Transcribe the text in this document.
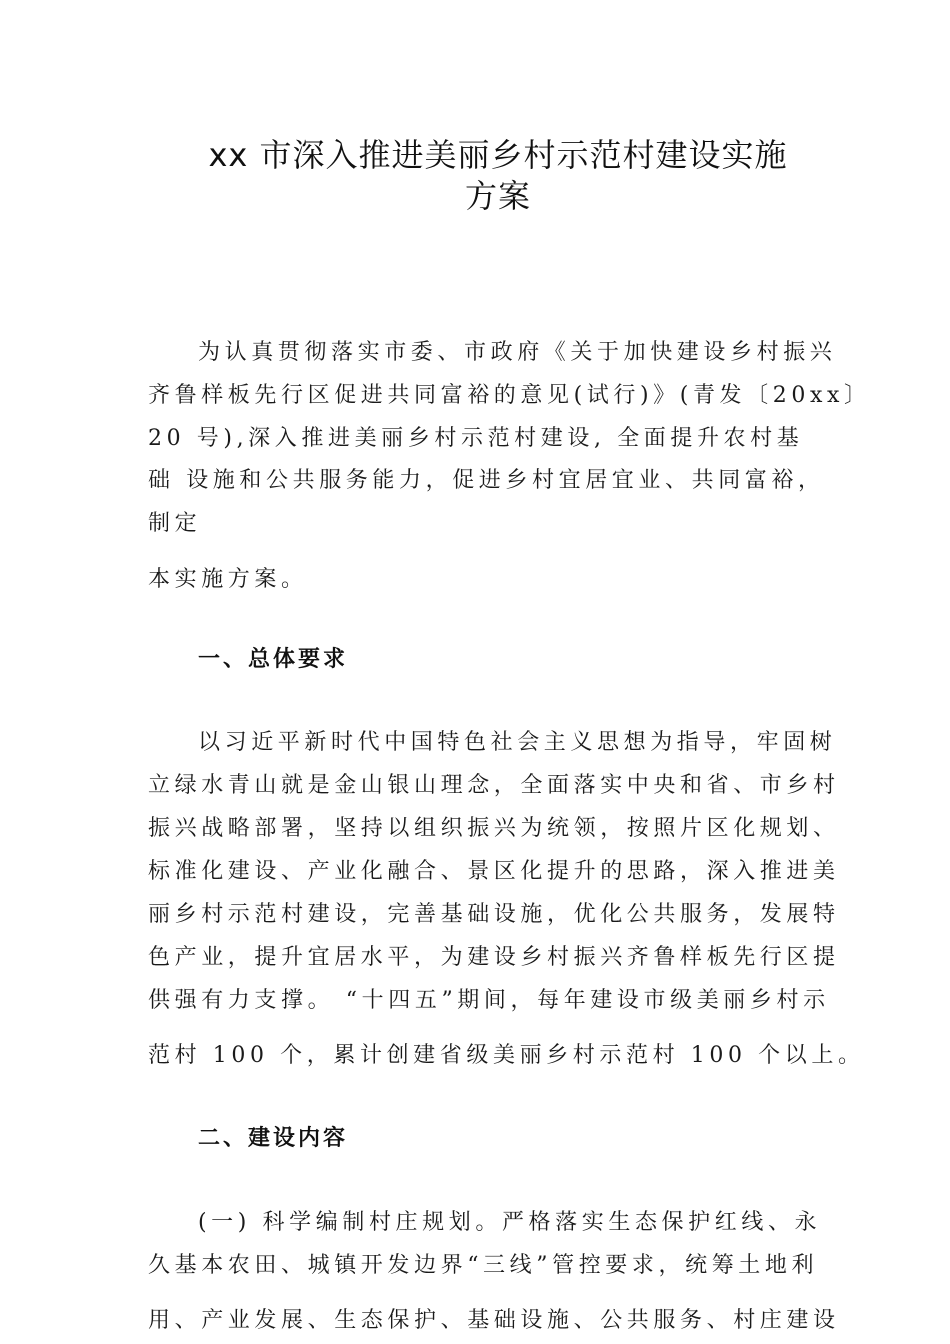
xx 市深入推进美丽乡村示范村建设实施
方案
为认真贯彻落实市委、市政府《关于加快建设乡村振兴
齐鲁样板先行区促进共同富裕的意见(试行)》(青发〔20xx〕
20 号),深入推进美丽乡村示范村建设, 全面提升农村基
础 设施和公共服务能力，促进乡村宜居宜业、共同富裕，
制定
本实施方案。
一、总体要求
以习近平新时代中国特色社会主义思想为指导，牢固树
立绿水青山就是金山银山理念，全面落实中央和省、市乡村
振兴战略部署，坚持以组织振兴为统领，按照片区化规划、
标准化建设、产业化融合、景区化提升的思路，深入推进美
丽乡村示范村建设，完善基础设施，优化公共服务，发展特
色产业，提升宜居水平，为建设乡村振兴齐鲁样板先行区提
供强有力支撑。 “十四五”期间，每年建设市级美丽乡村示
范村 100 个，累计创建省级美丽乡村示范村 100 个以上。
二、建设内容
(一) 科学编制村庄规划。严格落实生态保护红线、永
久基本农田、城镇开发边界“三线”管控要求，统筹土地利
用、产业发展、生态保护、基础设施、公共服务、村庄建设
